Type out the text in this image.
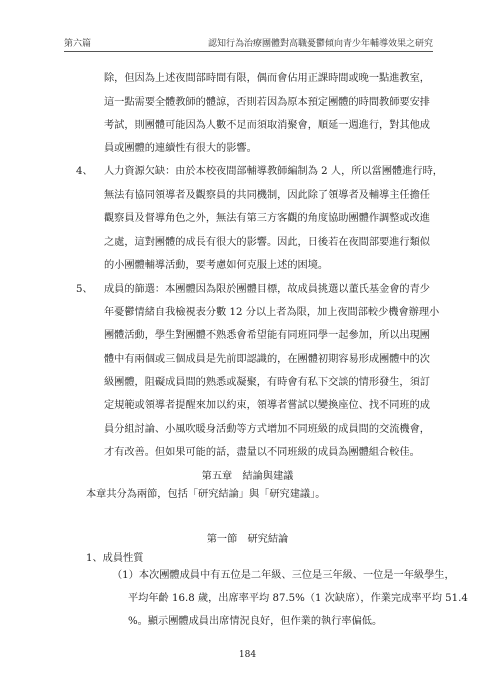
第六篇	認知行為治療團體對高職憂鬱傾向青少年輔導效果之研究
除，但因為上述夜間部時間有限，偶而會佔用正課時間或晚一點進教室，
這一點需要全體教師的體諒，否則若因為原本預定團體的時間教師要安排
考試，則團體可能因為人數不足而須取消聚會，順延一週進行，對其他成
員或團體的連續性有很大的影響。
4、 人力資源欠缺：由於本校夜間部輔導教師編制為 2 人，所以當團體進行時，
無法有協同領導者及觀察員的共同機制，因此除了領導者及輔導主任擔任
觀察員及督導角色之外，無法有第三方客觀的角度協助團體作調整或改進
之處，這對團體的成長有很大的影響。因此，日後若在夜間部要進行類似
的小團體輔導活動，要考慮如何克服上述的困境。
5、 成員的篩選：本團體因為限於團體目標，故成員挑選以董氏基金會的青少
年憂鬱情緒自我檢視表分數 12 分以上者為限，加上夜間部較少機會辦理小
團體活動，學生對團體不熟悉會希望能有同班同學一起參加，所以出現團
體中有兩個或三個成員是先前即認識的，在團體初期容易形成團體中的次
級團體，阻礙成員間的熟悉或凝聚，有時會有私下交談的情形發生，須訂
定規範或領導者提醒來加以約束，領導者嘗試以變換座位、找不同班的成
員分組討論、小風吹暖身活動等方式增加不同班級的成員間的交流機會，
才有改善。但如果可能的話，盡量以不同班級的成員為團體組合較佳。
第五章　結論與建議
本章共分為兩節，包括「研究結論」與「研究建議」。
第一節　研究結論
1、成員性質
（1）本次團體成員中有五位是二年級、三位是三年級、一位是一年級學生，
平均年齡 16.8 歲，出席率平均 87.5%（1 次缺席），作業完成率平均 51.4
%。顯示團體成員出席情況良好，但作業的執行率偏低。
184
